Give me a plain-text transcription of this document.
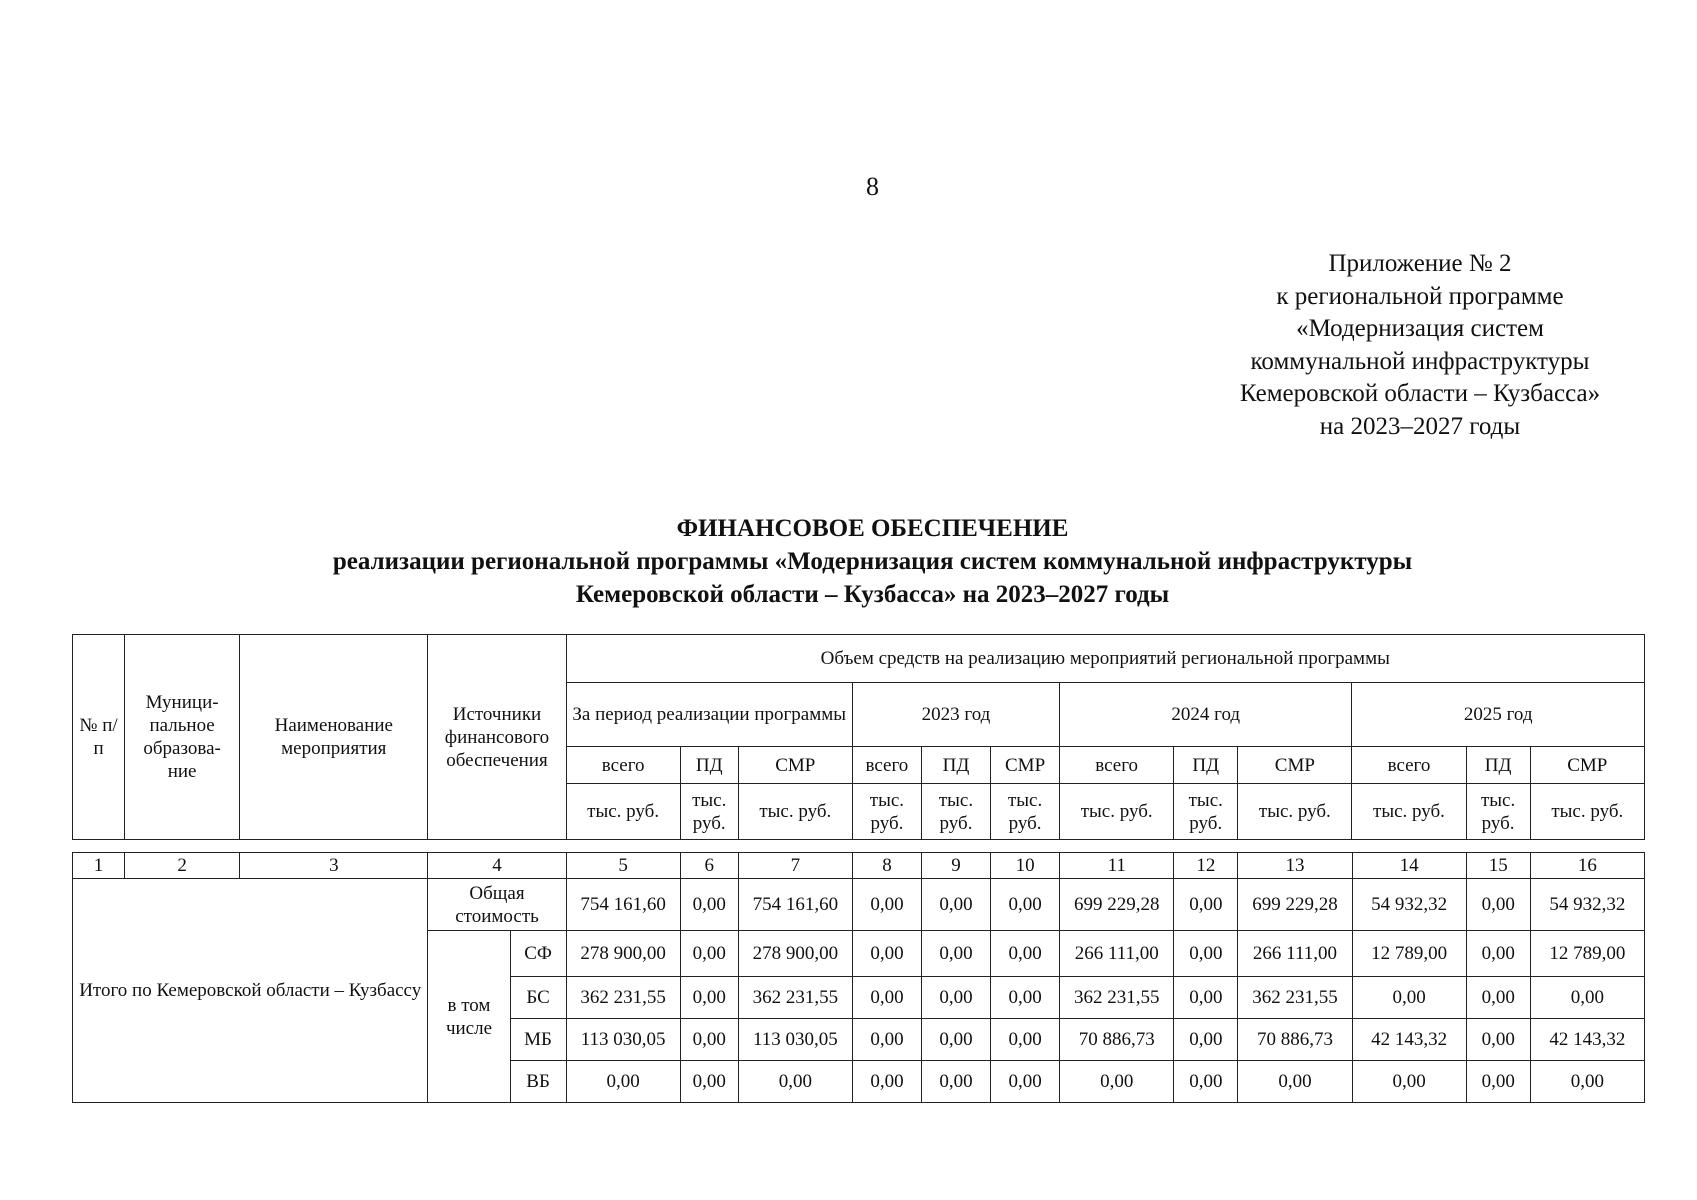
8
Приложение № 2
к региональной программе
«Модернизация систем
коммунальной инфраструктуры
Кемеровской области – Кузбасса»
на 2023–2027 годы
ФИНАНСОВОЕ ОБЕСПЕЧЕНИЕ
реализации региональной программы «Модернизация систем коммунальной инфраструктуры
Кемеровской области – Кузбасса» на 2023–2027 годы
№ п/п	Муници-пальное образова-ние	Наименование мероприятия	Источники финансового обеспечения	Объем средств на реализацию мероприятий региональной программы											
				За период реализации программы			2023 год			2024 год			2025 год		
				всего	ПД	СМР	всего	ПД	СМР	всего	ПД	СМР	всего	ПД	СМР
				тыс. руб.	тыс. руб.	тыс. руб.	тыс. руб.	тыс. руб.	тыс. руб.	тыс. руб.	тыс. руб.	тыс. руб.	тыс. руб.	тыс. руб.	тыс. руб.
1	2	3	4		5	6	7	8	9	10	11	12	13	14	15	16
Итого по Кемеровской области – Кузбассу			Общая стоимость		754 161,60	0,00	754 161,60	0,00	0,00	0,00	699 229,28	0,00	699 229,28	54 932,32	0,00	54 932,32
			в том числе	СФ	278 900,00	0,00	278 900,00	0,00	0,00	0,00	266 111,00	0,00	266 111,00	12 789,00	0,00	12 789,00
				БС	362 231,55	0,00	362 231,55	0,00	0,00	0,00	362 231,55	0,00	362 231,55	0,00	0,00	0,00
				МБ	113 030,05	0,00	113 030,05	0,00	0,00	0,00	70 886,73	0,00	70 886,73	42 143,32	0,00	42 143,32
				ВБ	0,00	0,00	0,00	0,00	0,00	0,00	0,00	0,00	0,00	0,00	0,00	0,00
